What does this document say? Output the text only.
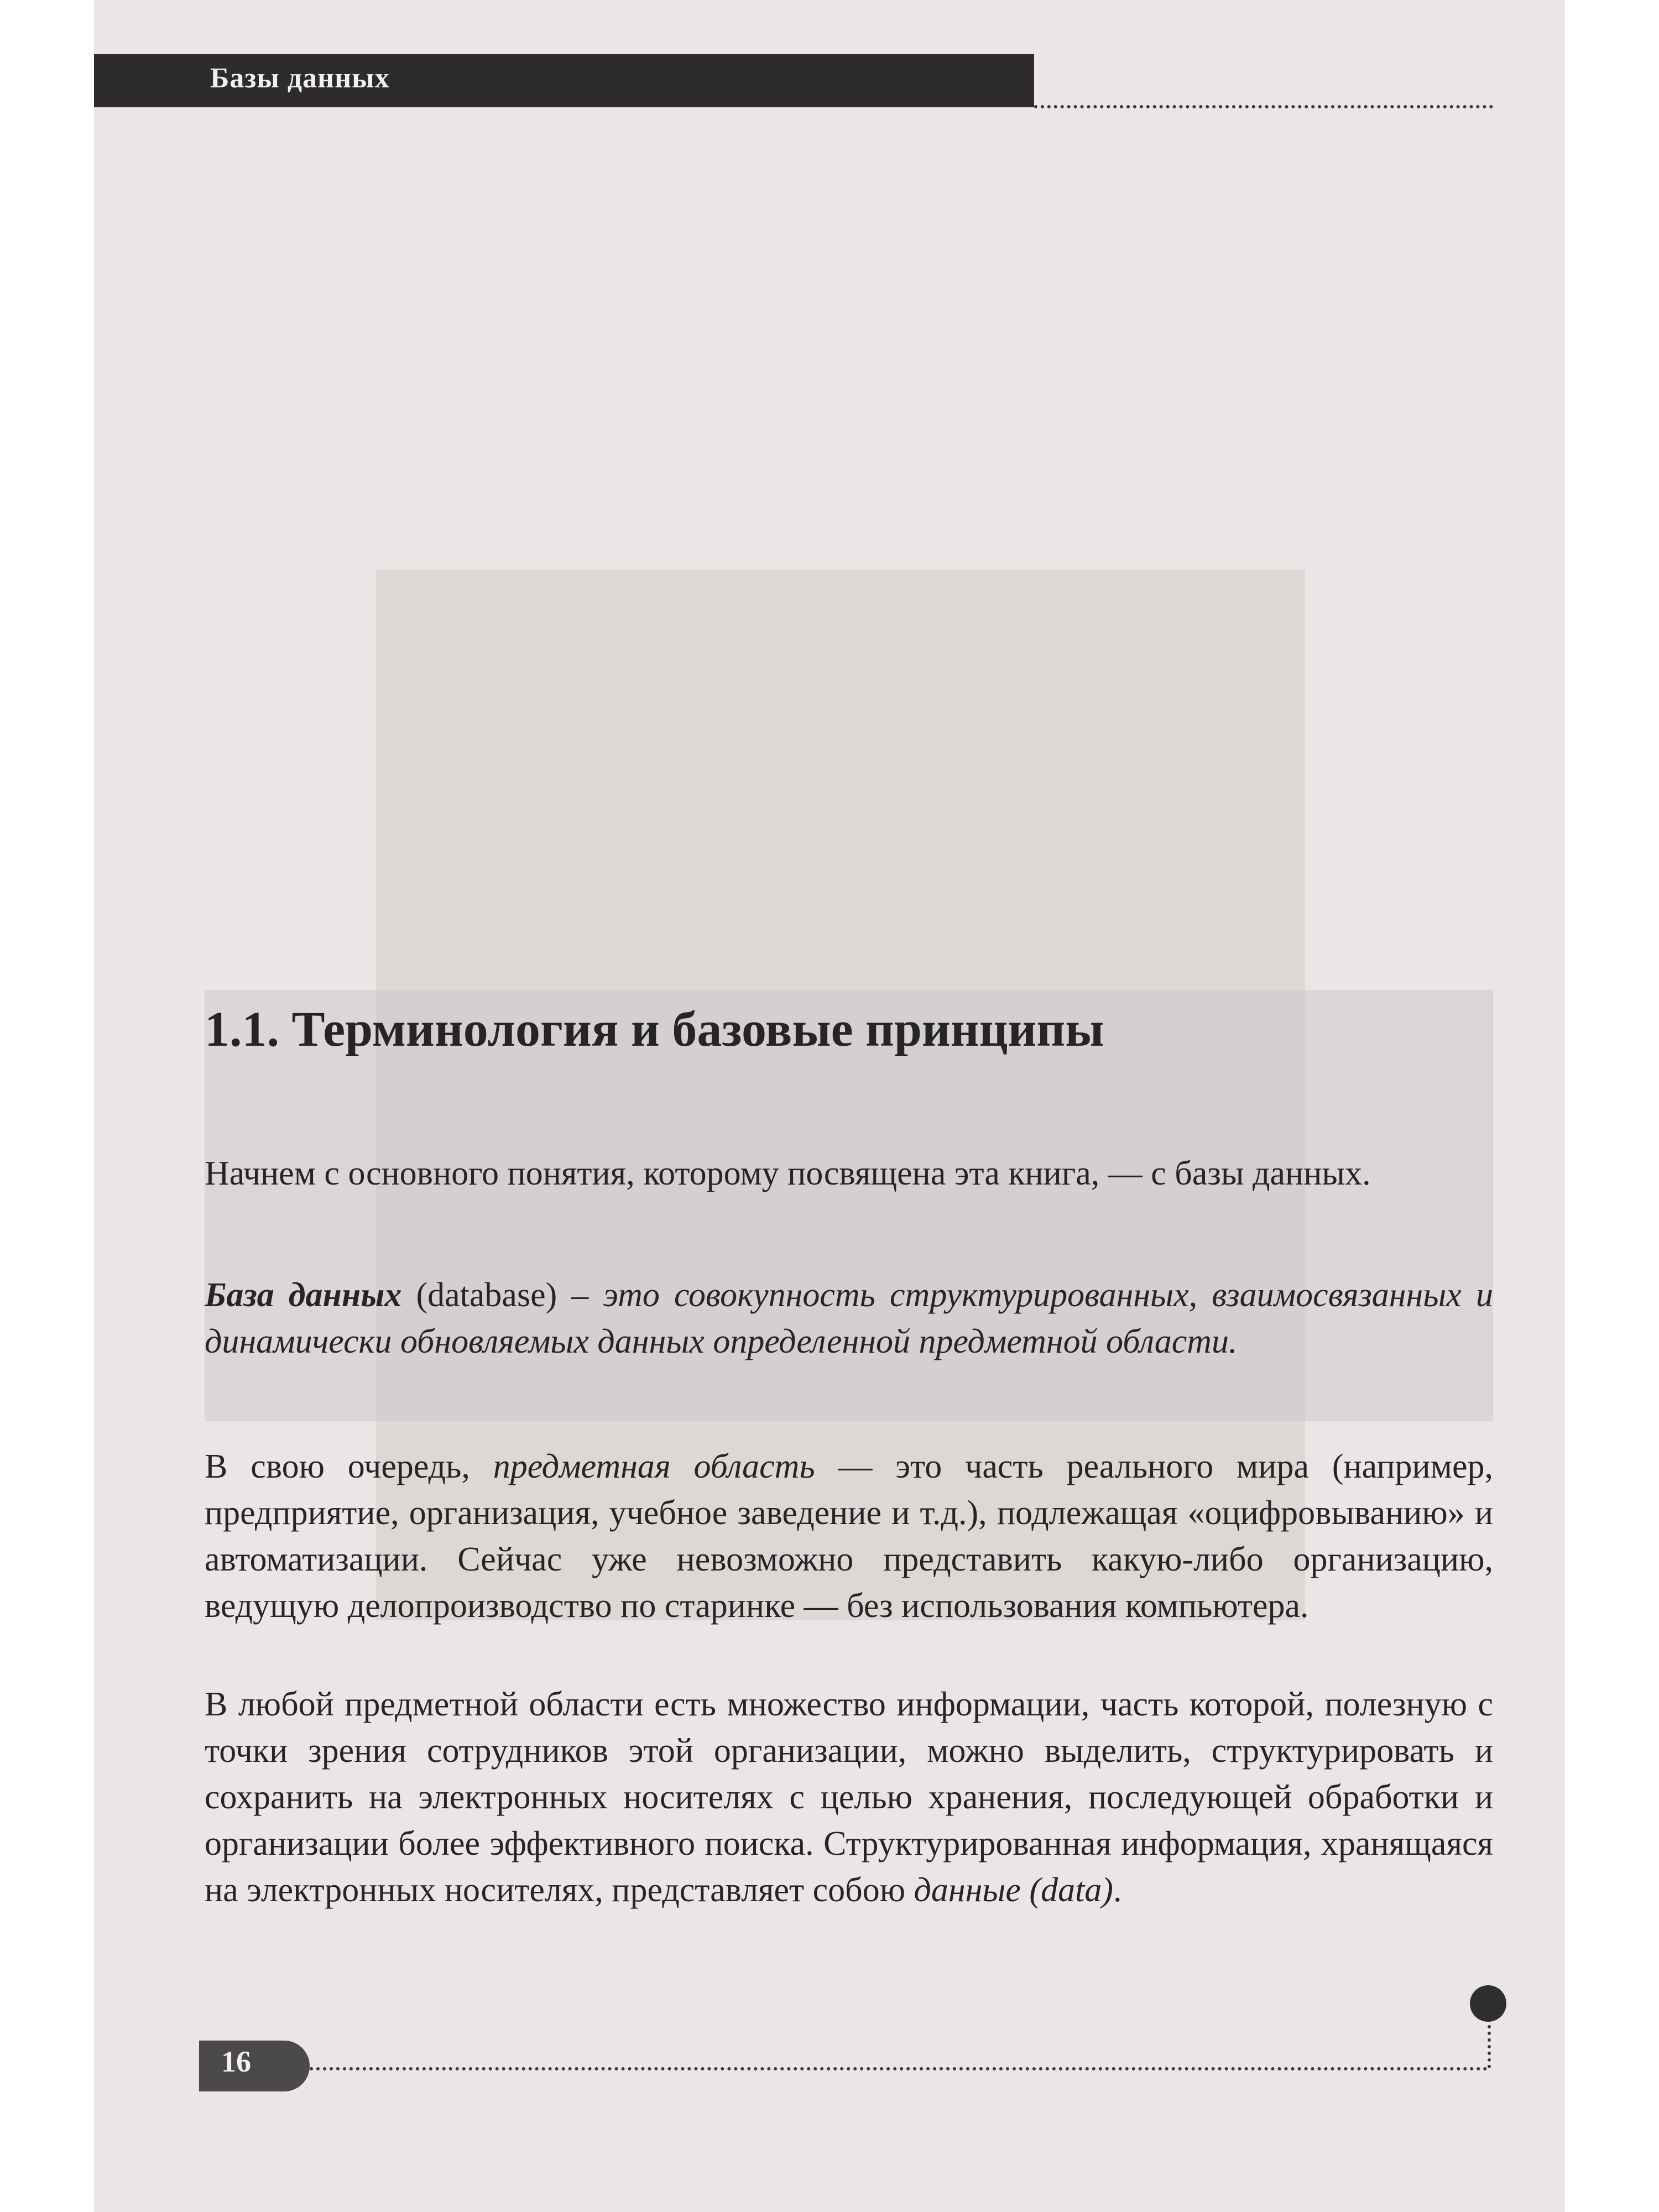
Базы данных
1.1. Терминология и базовые принципы

Начнем с основного понятия, которому посвящена эта книга, — с базы данных.

База данных (database) – это совокупность структурированных, взаимосвязанных и динамически обновляемых данных определенной предметной области.

В свою очередь, предметная область — это часть реального мира (например, предприятие, организация, учебное заведение и т.д.), подлежащая «оцифровыванию» и автоматизации. Сейчас уже невозможно представить какую-либо организацию, ведущую делопроизводство по старинке — без использования компьютера.

В любой предметной области есть множество информации, часть которой, полезную с точки зрения сотрудников этой организации, можно выделить, структурировать и сохранить на электронных носителях с целью хранения, последующей обработки и организации более эффективного поиска. Структурированная информация, хранящаяся на электронных носителях, представляет собою данные (data).

16
